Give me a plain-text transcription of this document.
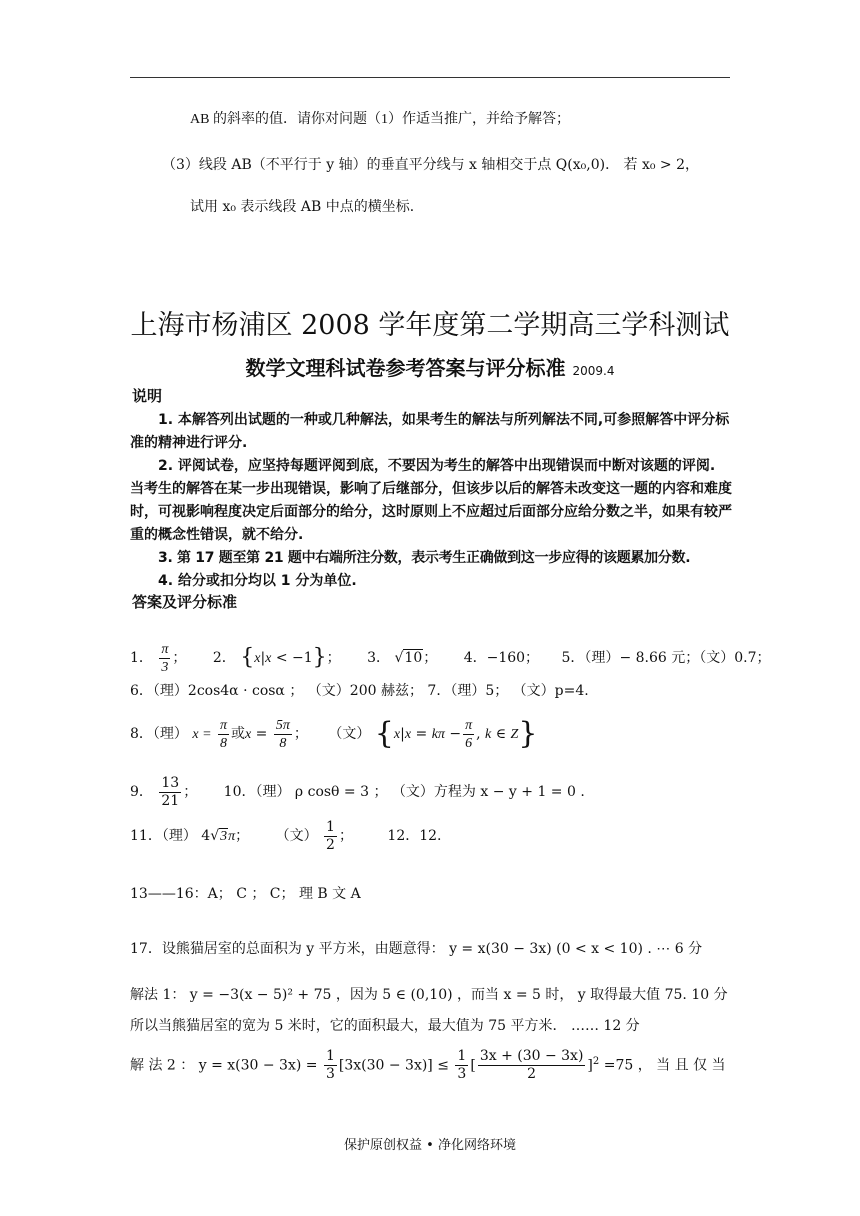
AB 的斜率的值．请你对问题（1）作适当推广，并给予解答；
（3）线段 AB（不平行于 y 轴）的垂直平分线与 x 轴相交于点 Q(x₀,0)． 若 x₀ > 2，
试用 x₀ 表示线段 AB 中点的横坐标．
上海市杨浦区 2008 学年度第二学期高三学科测试
数学文理科试卷参考答案与评分标准 2009.4
说明
1. 本解答列出试题的一种或几种解法，如果考生的解法与所列解法不同,可参照解答中评分标准的精神进行评分.
2. 评阅试卷，应坚持每题评阅到底，不要因为考生的解答中出现错误而中断对该题的评阅. 当考生的解答在某一步出现错误，影响了后继部分，但该步以后的解答未改变这一题的内容和难度时，可视影响程度决定后面部分的给分，这时原则上不应超过后面部分应给分数之半，如果有较严重的概念性错误，就不给分.
3. 第 17 题至第 21 题中右端所注分数，表示考生正确做到这一步应得的该题累加分数.
4. 给分或扣分均以 1 分为单位.
答案及评分标准
1． $\frac{\pi}{3}$ ； 2． {x|x < −1}； 3． √10； 4．−160； 5．（理）− 8.66 元；（文）0.7；
6．（理）2cos4α · cosα ； （文）200 赫兹； 7．（理）5； （文）p=4.
8．（理） $x = \frac{\pi}{8}$ 或$x = \frac{5\pi}{8}$ ； （文） {$x|x = k\pi - \frac{\pi}{6}$ , k ∈ Z}
9． $\frac{13}{21}$ ； 10．（理） ρ cosθ = 3 ； （文）方程为 x − y + 1 = 0 .
11．（理） 4√3π； （文） $\frac{1}{2}$ ； 12．12.
13——16：A； C ； C； 理 B 文 A
17．设熊猫居室的总面积为 y 平方米，由题意得： y = x(30 − 3x) (0 < x < 10) . ⋯ 6 分
解法 1： y = −3(x − 5)² + 75 ，因为 5 ∈ (0,10) ，而当 x = 5 时， y 取得最大值 75. 10 分
所以当熊猫居室的宽为 5 米时，它的面积最大，最大值为 75 平方米． …… 12 分
解 法 2 ： $y = x(30 - 3x) = \frac{1}{3} [3x(30 - 3x)] \le \frac{1}{3}$ [ $\frac{3x + (30 - 3x)}{2} ]^2 =75$ ， 当 且 仅 当
保护原创权益 • 净化网络环境
